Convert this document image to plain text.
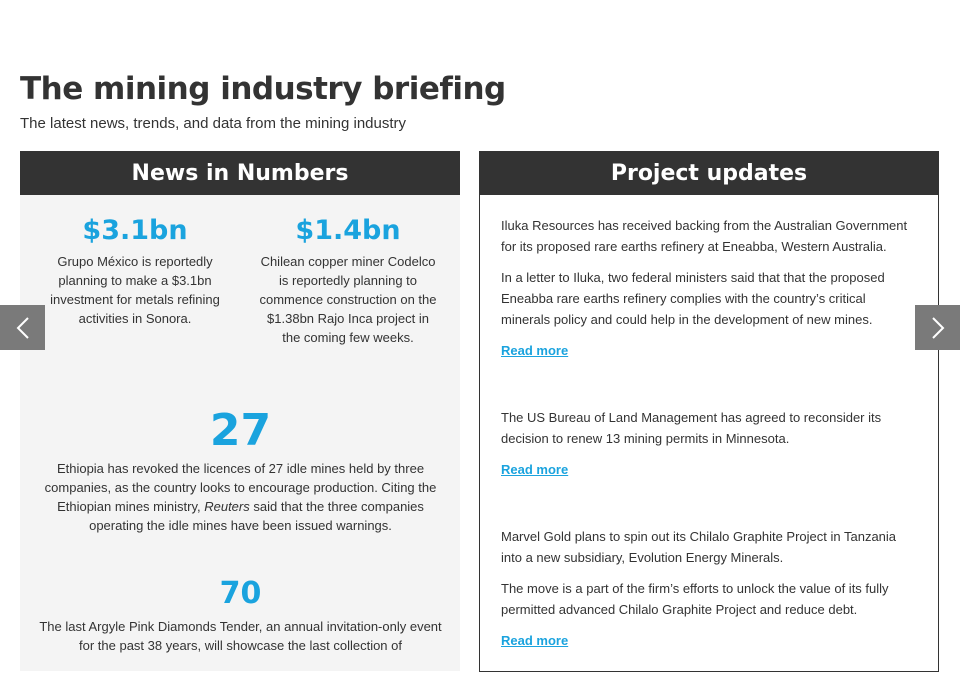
The mining industry briefing
The latest news, trends, and data from the mining industry
News in Numbers
$3.1bn
Grupo México is reportedly planning to make a $3.1bn investment for metals refining activities in Sonora.
$1.4bn
Chilean copper miner Codelco is reportedly planning to commence construction on the $1.38bn Rajo Inca project in the coming few weeks.
27
Ethiopia has revoked the licences of 27 idle mines held by three companies, as the country looks to encourage production. Citing the Ethiopian mines ministry, Reuters said that the three companies operating the idle mines have been issued warnings.
70
The last Argyle Pink Diamonds Tender, an annual invitation-only event for the past 38 years, will showcase the last collection of
Project updates

Iluka Resources has received backing from the Australian Government for its proposed rare earths refinery at Eneabba, Western Australia.

In a letter to Iluka, two federal ministers said that that the proposed Eneabba rare earths refinery complies with the country’s critical minerals policy and could help in the development of new mines.

Read more

The US Bureau of Land Management has agreed to reconsider its decision to renew 13 mining permits in Minnesota.

Read more

Marvel Gold plans to spin out its Chilalo Graphite Project in Tanzania into a new subsidiary, Evolution Energy Minerals.

The move is a part of the firm’s efforts to unlock the value of its fully permitted advanced Chilalo Graphite Project and reduce debt.

Read more
